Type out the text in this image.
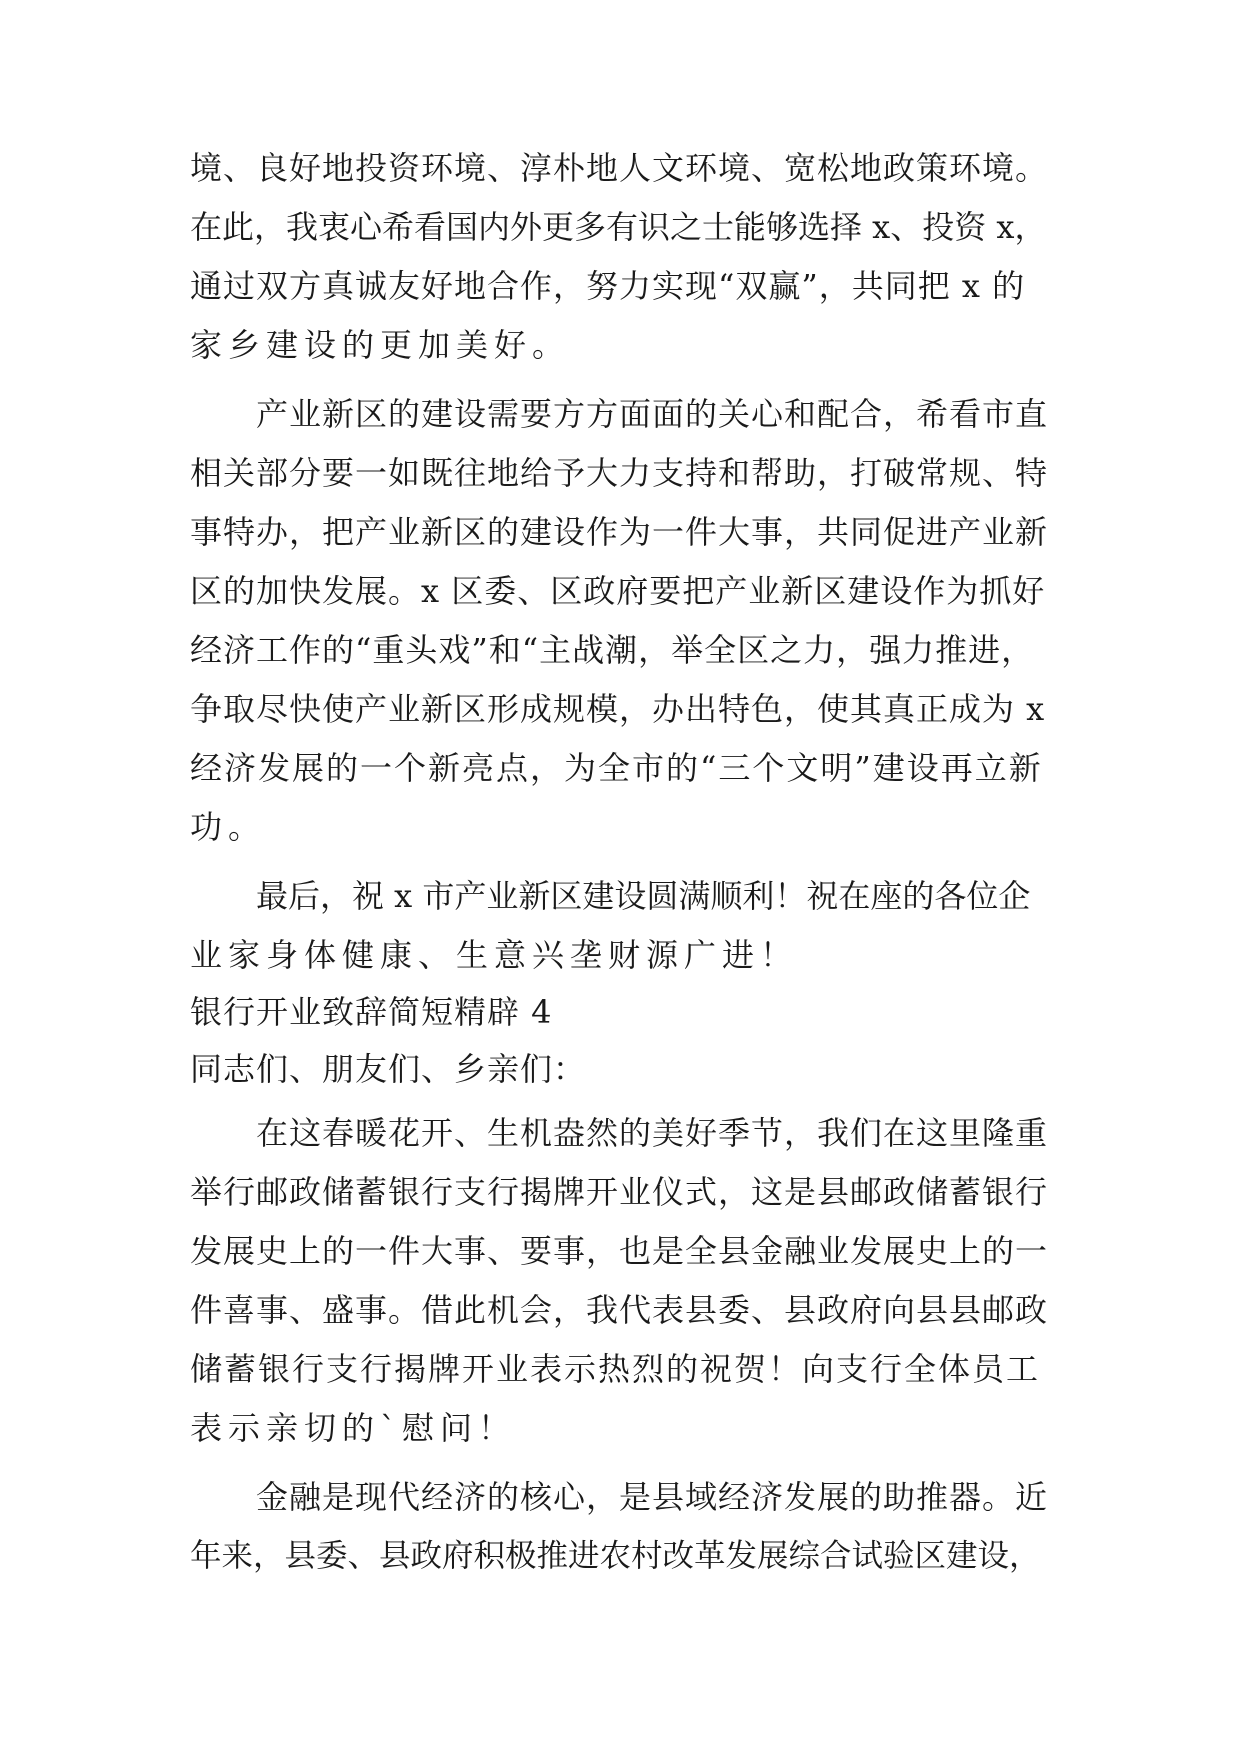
境、良好地投资环境、淳朴地人文环境、宽松地政策环境。
在此，我衷心希看国内外更多有识之士能够选择 x、投资 x，
通过双方真诚友好地合作，努力实现“双赢”，共同把 x 的
家乡建设的更加美好。
产业新区的建设需要方方面面的关心和配合，希看市直
相关部分要一如既往地给予大力支持和帮助，打破常规、特
事特办，把产业新区的建设作为一件大事，共同促进产业新
区的加快发展。x 区委、区政府要把产业新区建设作为抓好
经济工作的“重头戏”和“主战潮，举全区之力，强力推进，
争取尽快使产业新区形成规模，办出特色，使其真正成为 x
经济发展的一个新亮点，为全市的“三个文明”建设再立新
功。
最后，祝 x 市产业新区建设圆满顺利！祝在座的各位企
业家身体健康、生意兴垄财源广进！
银行开业致辞简短精辟 4
同志们、朋友们、乡亲们：
在这春暖花开、生机盎然的美好季节，我们在这里隆重
举行邮政储蓄银行支行揭牌开业仪式，这是县邮政储蓄银行
发展史上的一件大事、要事，也是全县金融业发展史上的一
件喜事、盛事。借此机会，我代表县委、县政府向县县邮政
储蓄银行支行揭牌开业表示热烈的祝贺！向支行全体员工
表示亲切的`慰问！
金融是现代经济的核心，是县域经济发展的助推器。近
年来，县委、县政府积极推进农村改革发展综合试验区建设，
